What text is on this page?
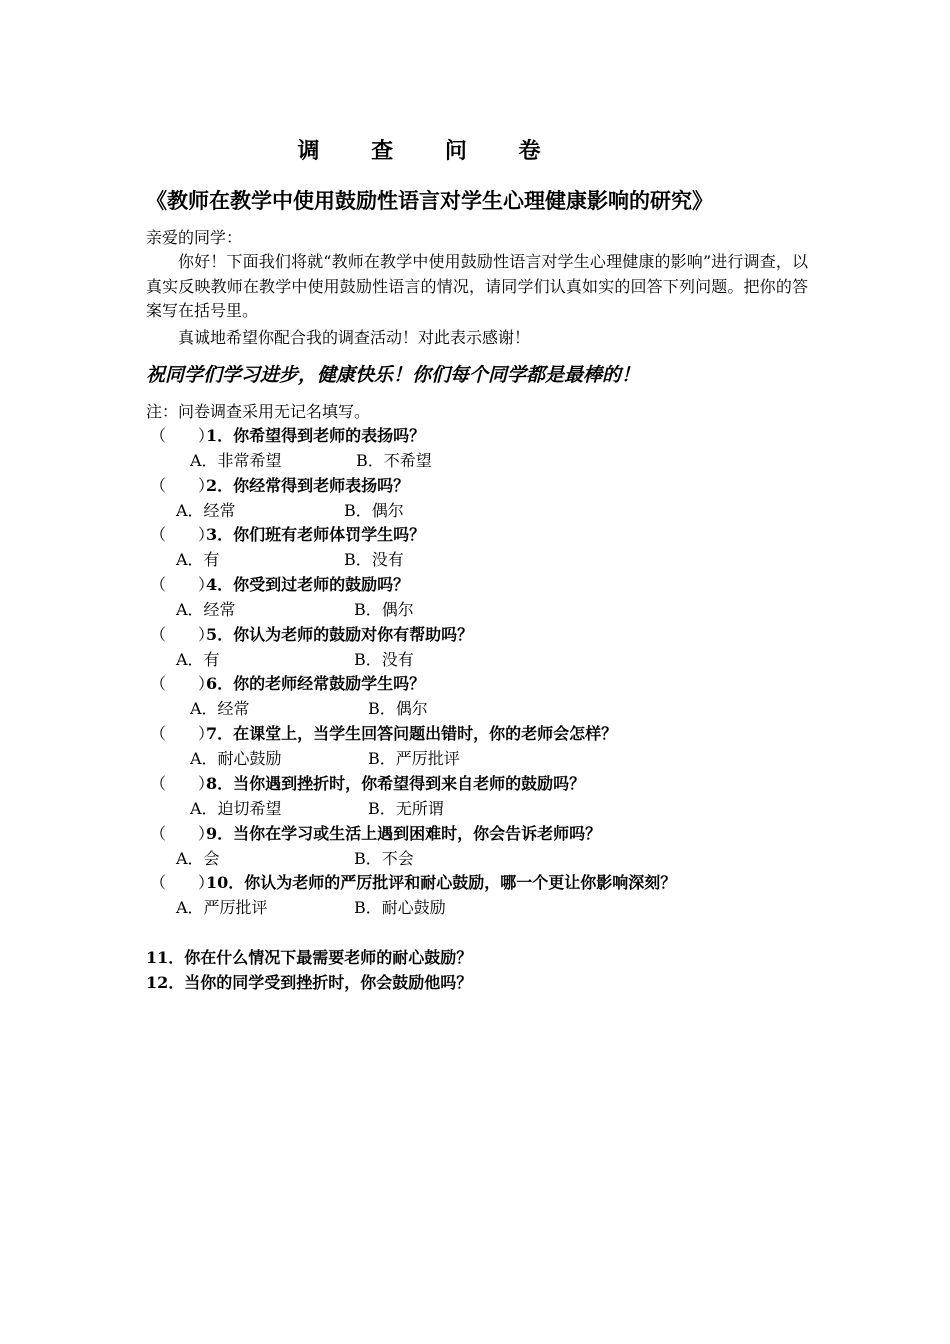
调 查 问 卷
《教师在教学中使用鼓励性语言对学生心理健康影响的研究》
亲爱的同学：
你好！下面我们将就“教师在教学中使用鼓励性语言对学生心理健康的影响”进行调查，以真实反映教师在教学中使用鼓励性语言的情况，请同学们认真如实的回答下列问题。把你的答案写在括号里。
真诚地希望你配合我的调查活动！对此表示感谢！
祝同学们学习进步，健康快乐！你们每个同学都是最棒的！
注：问卷调查采用无记名填写。
（　　）1．你希望得到老师的表扬吗？
A．非常希望	B．不希望
（　　）2．你经常得到老师表扬吗？
A．经常	B．偶尔
（　　）3．你们班有老师体罚学生吗？
A．有	B．没有
（　　）4．你受到过老师的鼓励吗？
A．经常	B．偶尔
（　　）5．你认为老师的鼓励对你有帮助吗？
A．有	B．没有
（　　）6．你的老师经常鼓励学生吗？
A．经常	B．偶尔
（　　）7．在课堂上，当学生回答问题出错时，你的老师会怎样？
A．耐心鼓励	B．严厉批评
（　　）8．当你遇到挫折时，你希望得到来自老师的鼓励吗？
A．迫切希望	B．无所谓
（　　）9．当你在学习或生活上遇到困难时，你会告诉老师吗？
A．会	B．不会
（　　）10．你认为老师的严厉批评和耐心鼓励，哪一个更让你影响深刻？
A．严厉批评	B．耐心鼓励
11．你在什么情况下最需要老师的耐心鼓励？
12．当你的同学受到挫折时，你会鼓励他吗？
